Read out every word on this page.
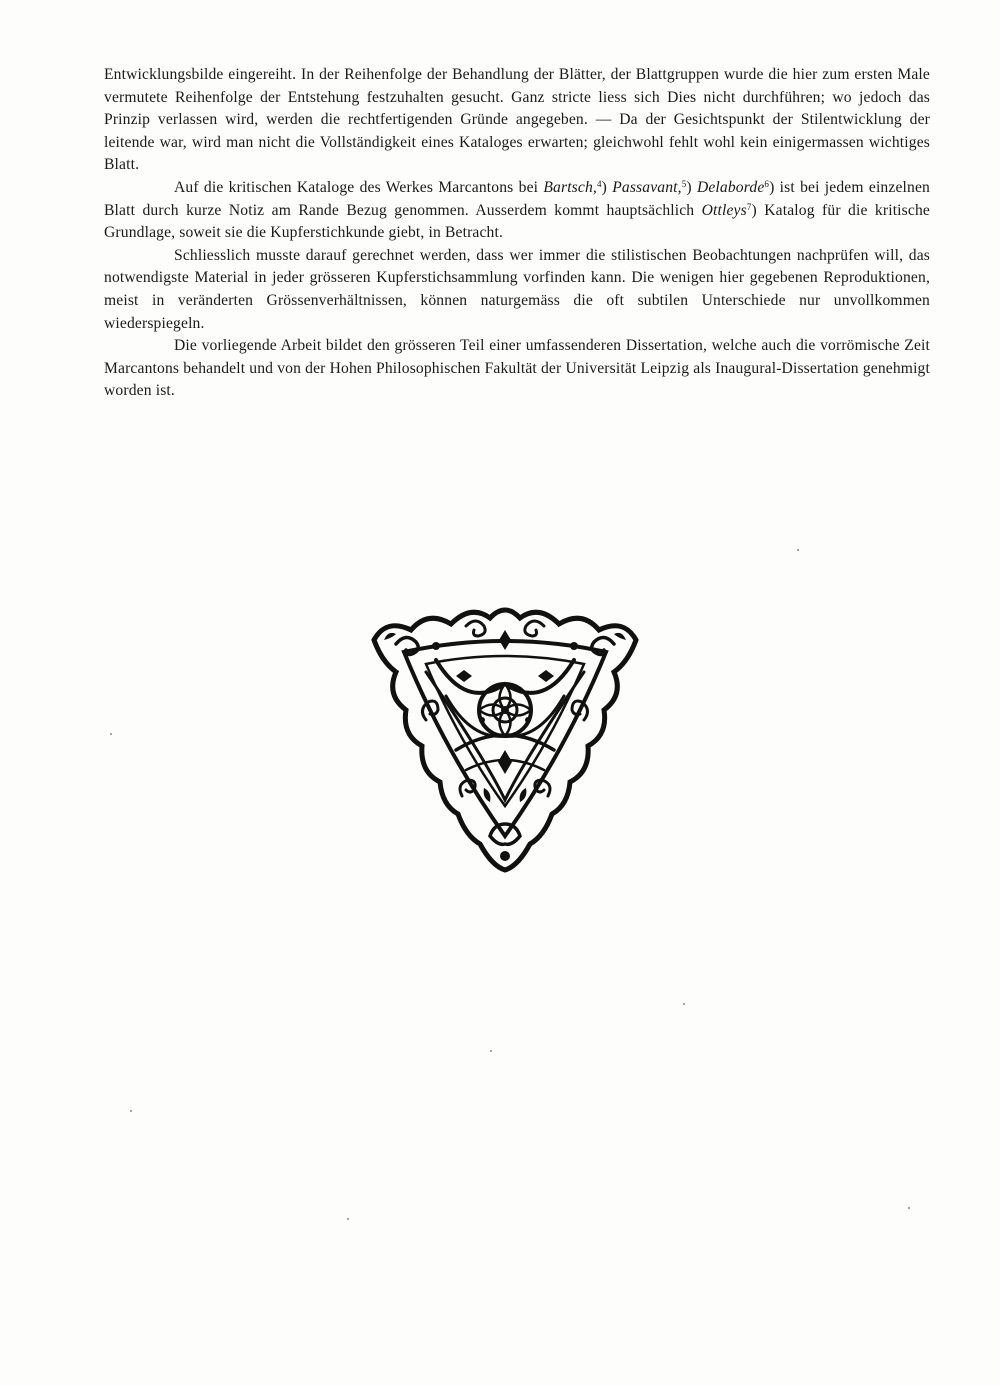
Entwicklungsbilde eingereiht. In der Reihenfolge der Behandlung der Blätter, der Blattgruppen wurde die hier zum ersten Male vermutete Reihenfolge der Entstehung festzuhalten gesucht. Ganz stricte liess sich Dies nicht durchführen; wo jedoch das Prinzip verlassen wird, werden die rechtfertigenden Gründe angegeben. — Da der Gesichtspunkt der Stilentwicklung der leitende war, wird man nicht die Vollständigkeit eines Kataloges erwarten; gleichwohl fehlt wohl kein einigermassen wichtiges Blatt.

Auf die kritischen Kataloge des Werkes Marcantons bei Bartsch,$^4$) Passavant,$^5$) Delaborde$^6$) ist bei jedem einzelnen Blatt durch kurze Notiz am Rande Bezug genommen. Ausserdem kommt hauptsächlich Ottleys$^7$) Katalog für die kritische Grundlage, soweit sie die Kupferstichkunde giebt, in Betracht.

Schliesslich musste darauf gerechnet werden, dass wer immer die stilistischen Beobachtungen nachprüfen will, das notwendigste Material in jeder grösseren Kupferstichsammlung vorfinden kann. Die wenigen hier gegebenen Reproduktionen, meist in veränderten Grössenverhältnissen, können naturgemäss die oft subtilen Unterschiede nur unvollkommen wiederspiegeln.

Die vorliegende Arbeit bildet den grösseren Teil einer umfassenderen Dissertation, welche auch die vorrömische Zeit Marcantons behandelt und von der Hohen Philosophischen Fakultät der Universität Leipzig als Inaugural-Dissertation genehmigt worden ist.
